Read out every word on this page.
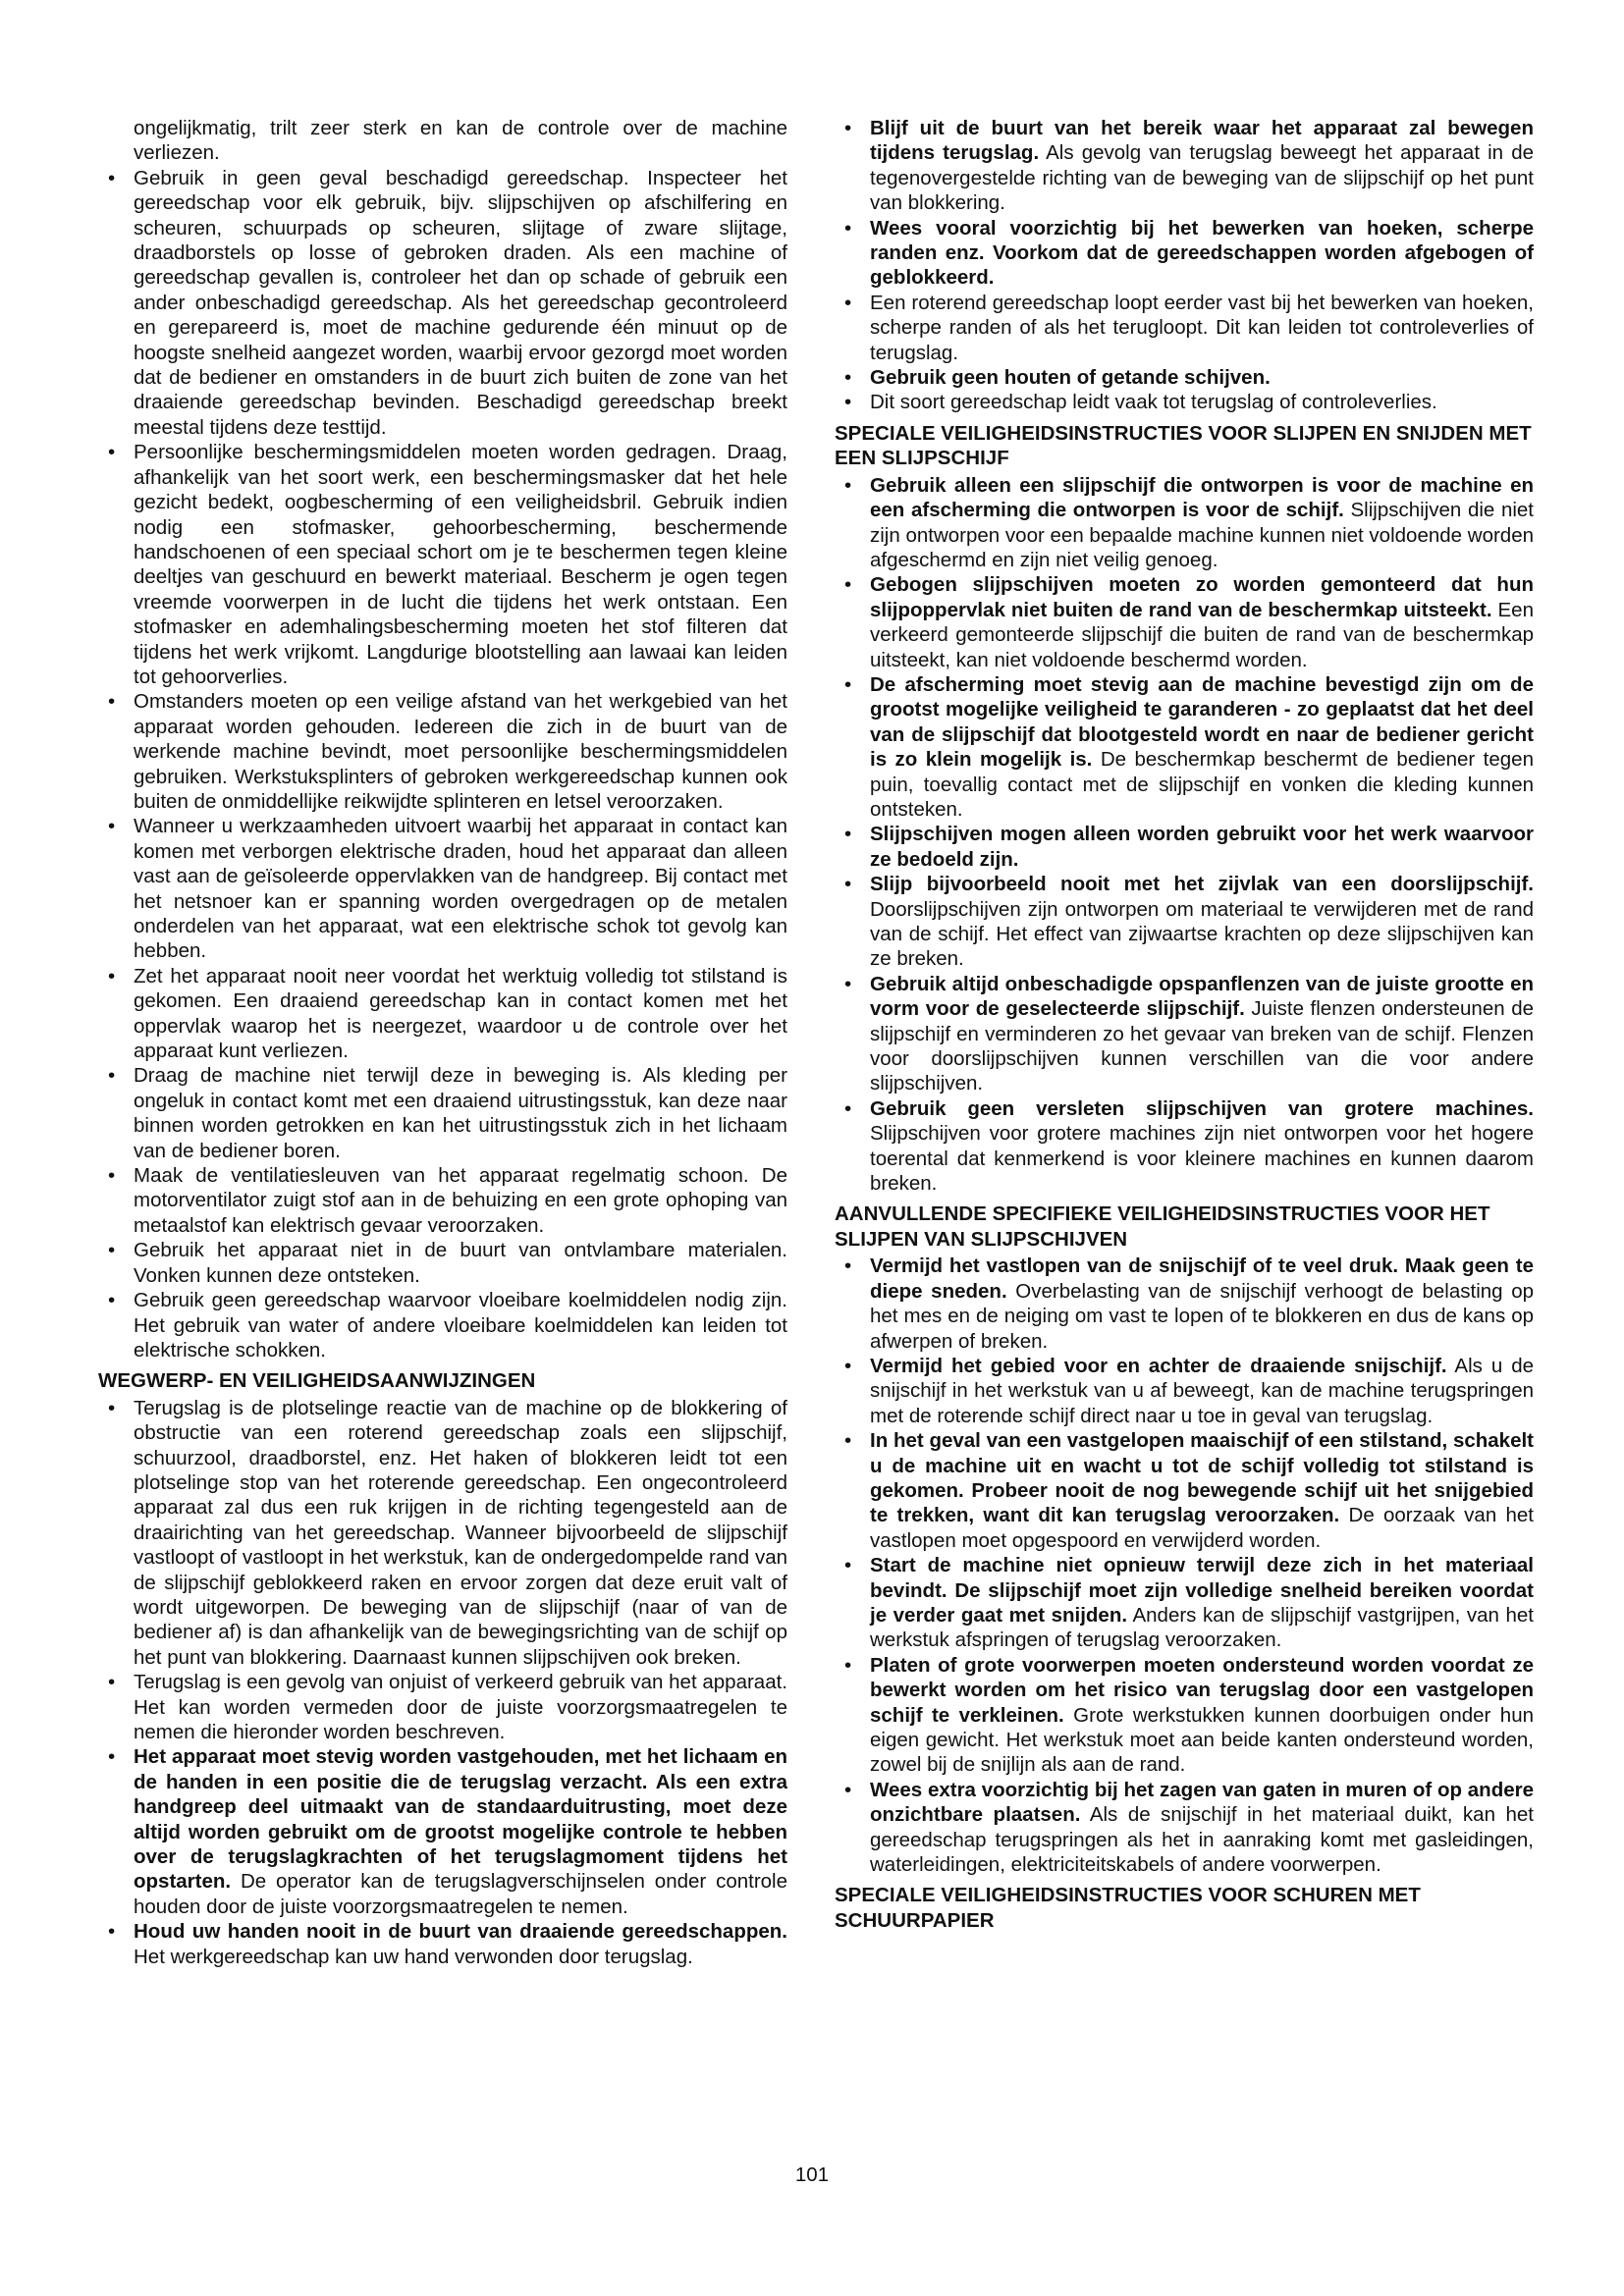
ongelijkmatig, trilt zeer sterk en kan de controle over de machine verliezen.

• Gebruik in geen geval beschadigd gereedschap. Inspecteer het gereedschap voor elk gebruik, bijv. slijpschijven op afschilfering en scheuren, schuurpads op scheuren, slijtage of zware slijtage, draadborstels op losse of gebroken draden. Als een machine of gereedschap gevallen is, controleer het dan op schade of gebruik een ander onbeschadigd gereedschap. Als het gereedschap gecontroleerd en gerepareerd is, moet de machine gedurende één minuut op de hoogste snelheid aangezet worden, waarbij ervoor gezorgd moet worden dat de bediener en omstanders in de buurt zich buiten de zone van het draaiende gereedschap bevinden. Beschadigd gereedschap breekt meestal tijdens deze testtijd.
• Persoonlijke beschermingsmiddelen moeten worden gedragen. Draag, afhankelijk van het soort werk, een beschermingsmasker dat het hele gezicht bedekt, oogbescherming of een veiligheidsbril. Gebruik indien nodig een stofmasker, gehoorbescherming, beschermende handschoenen of een speciaal schort om je te beschermen tegen kleine deeltjes van geschuurd en bewerkt materiaal. Bescherm je ogen tegen vreemde voorwerpen in de lucht die tijdens het werk ontstaan. Een stofmasker en ademhalingsbescherming moeten het stof filteren dat tijdens het werk vrijkomt. Langdurige blootstelling aan lawaai kan leiden tot gehoorverlies.
• Omstanders moeten op een veilige afstand van het werkgebied van het apparaat worden gehouden. Iedereen die zich in de buurt van de werkende machine bevindt, moet persoonlijke beschermingsmiddelen gebruiken. Werkstuksplinters of gebroken werkgereedschap kunnen ook buiten de onmiddellijke reikwijdte splinteren en letsel veroorzaken.
• Wanneer u werkzaamheden uitvoert waarbij het apparaat in contact kan komen met verborgen elektrische draden, houd het apparaat dan alleen vast aan de geïsoleerde oppervlakken van de handgreep. Bij contact met het netsnoer kan er spanning worden overgedragen op de metalen onderdelen van het apparaat, wat een elektrische schok tot gevolg kan hebben.
• Zet het apparaat nooit neer voordat het werktuig volledig tot stilstand is gekomen. Een draaiend gereedschap kan in contact komen met het oppervlak waarop het is neergezet, waardoor u de controle over het apparaat kunt verliezen.
• Draag de machine niet terwijl deze in beweging is. Als kleding per ongeluk in contact komt met een draaiend uitrustingsstuk, kan deze naar binnen worden getrokken en kan het uitrustingsstuk zich in het lichaam van de bediener boren.
• Maak de ventilatiesleuven van het apparaat regelmatig schoon. De motorventilator zuigt stof aan in de behuizing en een grote ophoping van metaalstof kan elektrisch gevaar veroorzaken.
• Gebruik het apparaat niet in de buurt van ontvlambare materialen. Vonken kunnen deze ontsteken.
• Gebruik geen gereedschap waarvoor vloeibare koelmiddelen nodig zijn. Het gebruik van water of andere vloeibare koelmiddelen kan leiden tot elektrische schokken.
WEGWERP- EN VEILIGHEIDSAANWIJZINGEN
• Terugslag is de plotselinge reactie van de machine op de blokkering of obstructie van een roterend gereedschap zoals een slijpschijf, schuurzool, draadborstel, enz. Het haken of blokkeren leidt tot een plotselinge stop van het roterende gereedschap. Een ongecontroleerd apparaat zal dus een ruk krijgen in de richting tegengesteld aan de draairichting van het gereedschap. Wanneer bijvoorbeeld de slijpschijf vastloopt of vastloopt in het werkstuk, kan de ondergedompelde rand van de slijpschijf geblokkeerd raken en ervoor zorgen dat deze eruit valt of wordt uitgeworpen. De beweging van de slijpschijf (naar of van de bediener af) is dan afhankelijk van de bewegingsrichting van de schijf op het punt van blokkering. Daarnaast kunnen slijpschijven ook breken.
• Terugslag is een gevolg van onjuist of verkeerd gebruik van het apparaat. Het kan worden vermeden door de juiste voorzorgsmaatregelen te nemen die hieronder worden beschreven.
• Het apparaat moet stevig worden vastgehouden, met het lichaam en de handen in een positie die de terugslag verzacht. Als een extra handgreep deel uitmaakt van de standaarduitrusting, moet deze altijd worden gebruikt om de grootst mogelijke controle te hebben over de terugslagkrachten of het terugslagmoment tijdens het opstarten. De operator kan de terugslagverschijnselen onder controle houden door de juiste voorzorgsmaatregelen te nemen.
• Houd uw handen nooit in de buurt van draaiende gereedschappen. Het werkgereedschap kan uw hand verwonden door terugslag.
• Blijf uit de buurt van het bereik waar het apparaat zal bewegen tijdens terugslag. Als gevolg van terugslag beweegt het apparaat in de tegenovergestelde richting van de beweging van de slijpschijf op het punt van blokkering.
• Wees vooral voorzichtig bij het bewerken van hoeken, scherpe randen enz. Voorkom dat de gereedschappen worden afgebogen of geblokkeerd.
• Een roterend gereedschap loopt eerder vast bij het bewerken van hoeken, scherpe randen of als het terugloopt. Dit kan leiden tot controleverlies of terugslag.
• Gebruik geen houten of getande schijven.
• Dit soort gereedschap leidt vaak tot terugslag of controleverlies.
SPECIALE VEILIGHEIDSINSTRUCTIES VOOR SLIJPEN EN SNIJDEN MET EEN SLIJPSCHIJF
• Gebruik alleen een slijpschijf die ontworpen is voor de machine en een afscherming die ontworpen is voor de schijf. Slijpschijven die niet zijn ontworpen voor een bepaalde machine kunnen niet voldoende worden afgeschermd en zijn niet veilig genoeg.
• Gebogen slijpschijven moeten zo worden gemonteerd dat hun slijpoppervlak niet buiten de rand van de beschermkap uitsteekt. Een verkeerd gemonteerde slijpschijf die buiten de rand van de beschermkap uitsteekt, kan niet voldoende beschermd worden.
• De afscherming moet stevig aan de machine bevestigd zijn om de grootst mogelijke veiligheid te garanderen - zo geplaatst dat het deel van de slijpschijf dat blootgesteld wordt en naar de bediener gericht is zo klein mogelijk is. De beschermkap beschermt de bediener tegen puin, toevallig contact met de slijpschijf en vonken die kleding kunnen ontsteken.
• Slijpschijven mogen alleen worden gebruikt voor het werk waarvoor ze bedoeld zijn.
• Slijp bijvoorbeeld nooit met het zijvlak van een doorslijpschijf. Doorslijpschijven zijn ontworpen om materiaal te verwijderen met de rand van de schijf. Het effect van zijwaartse krachten op deze slijpschijven kan ze breken.
• Gebruik altijd onbeschadigde opspanflenzen van de juiste grootte en vorm voor de geselecteerde slijpschijf. Juiste flenzen ondersteunen de slijpschijf en verminderen zo het gevaar van breken van de schijf. Flenzen voor doorslijpschijven kunnen verschillen van die voor andere slijpschijven.
• Gebruik geen versleten slijpschijven van grotere machines. Slijpschijven voor grotere machines zijn niet ontworpen voor het hogere toerental dat kenmerkend is voor kleinere machines en kunnen daarom breken.
AANVULLENDE SPECIFIEKE VEILIGHEIDSINSTRUCTIES VOOR HET SLIJPEN VAN SLIJPSCHIJVEN
• Vermijd het vastlopen van de snijschijf of te veel druk. Maak geen te diepe sneden. Overbelasting van de snijschijf verhoogt de belasting op het mes en de neiging om vast te lopen of te blokkeren en dus de kans op afwerpen of breken.
• Vermijd het gebied voor en achter de draaiende snijschijf. Als u de snijschijf in het werkstuk van u af beweegt, kan de machine terugspringen met de roterende schijf direct naar u toe in geval van terugslag.
• In het geval van een vastgelopen maaischijf of een stilstand, schakelt u de machine uit en wacht u tot de schijf volledig tot stilstand is gekomen. Probeer nooit de nog bewegende schijf uit het snijgebied te trekken, want dit kan terugslag veroorzaken. De oorzaak van het vastlopen moet opgespoord en verwijderd worden.
• Start de machine niet opnieuw terwijl deze zich in het materiaal bevindt. De slijpschijf moet zijn volledige snelheid bereiken voordat je verder gaat met snijden. Anders kan de slijpschijf vastgrijpen, van het werkstuk afspringen of terugslag veroorzaken.
• Platen of grote voorwerpen moeten ondersteund worden voordat ze bewerkt worden om het risico van terugslag door een vastgelopen schijf te verkleinen. Grote werkstukken kunnen doorbuigen onder hun eigen gewicht. Het werkstuk moet aan beide kanten ondersteund worden, zowel bij de snijlijn als aan de rand.
• Wees extra voorzichtig bij het zagen van gaten in muren of op andere onzichtbare plaatsen. Als de snijschijf in het materiaal duikt, kan het gereedschap terugspringen als het in aanraking komt met gasleidingen, waterleidingen, elektriciteitskabels of andere voorwerpen.
SPECIALE VEILIGHEIDSINSTRUCTIES VOOR SCHUREN MET SCHUURPAPIER
101
